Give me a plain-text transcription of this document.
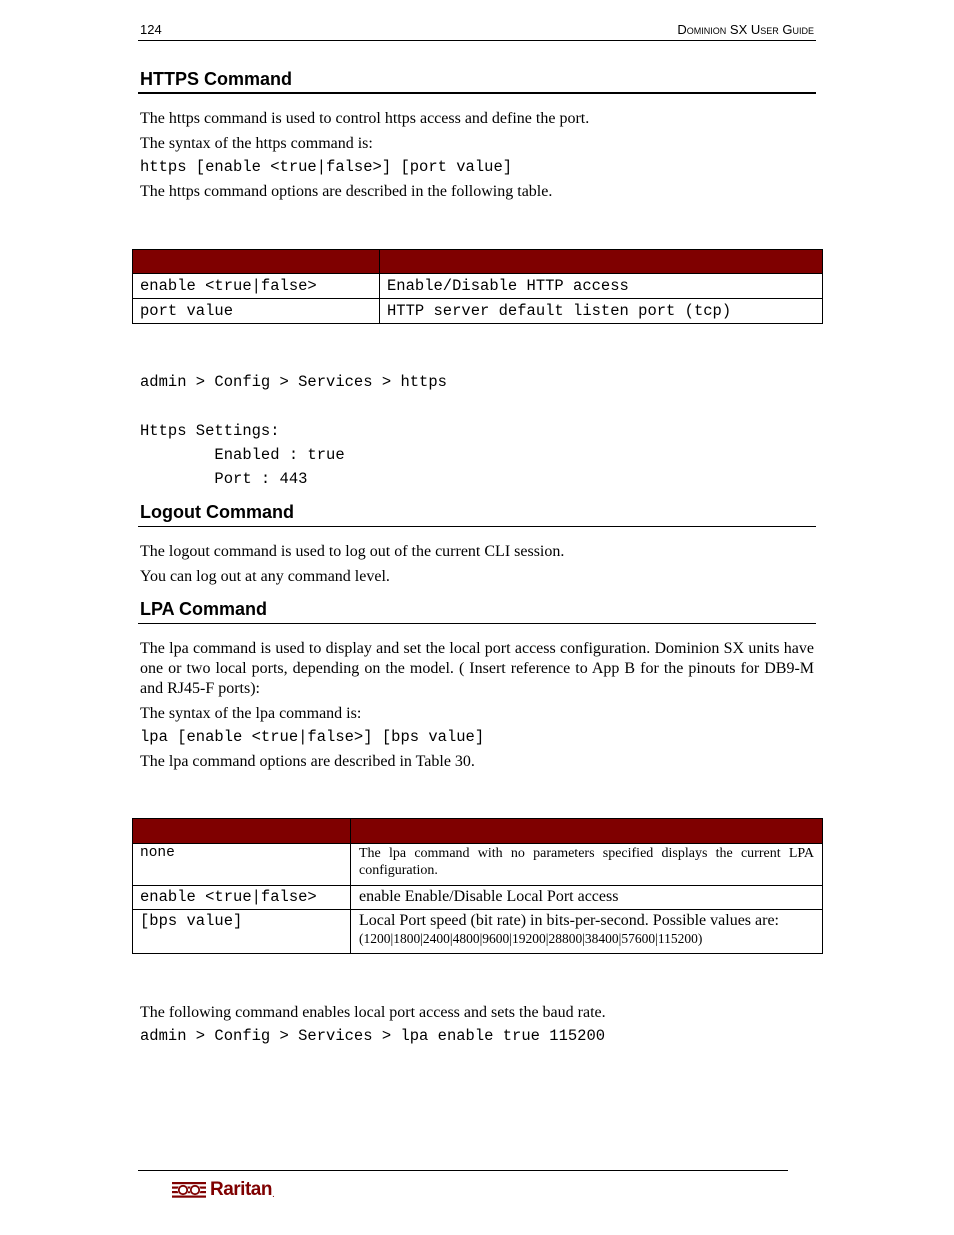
124	Dominion SX User Guide
HTTPS Command
The https command is used to control https access and define the port.
The syntax of the https command is:
https [enable <true|false>] [port value]
The https command options are described in the following table.

enable <true|false>	Enable/Disable HTTP access
port value	HTTP server default listen port (tcp)
admin > Config > Services > https
Https Settings:
Enabled : true
Port : 443
Logout Command
The logout command is used to log out of the current CLI session.
You can log out at any command level.
LPA Command
The lpa command is used to display and set the local port access configuration. Dominion SX units have one or two local ports, depending on the model. ( Insert reference to App B for the pinouts for DB9-M and RJ45-F ports):
The syntax of the lpa command is:
lpa [enable <true|false>] [bps value]
The lpa command options are described in Table 30.

none	The lpa command with no parameters specified displays the current LPA configuration.
enable <true|false>	enable Enable/Disable Local Port access
[bps value]	Local Port speed (bit rate) in bits-per-second. Possible values are:
(1200|1800|2400|4800|9600|19200|28800|38400|57600|115200)
The following command enables local port access and sets the baud rate.
admin > Config > Services > lpa enable true 115200
Raritan .
